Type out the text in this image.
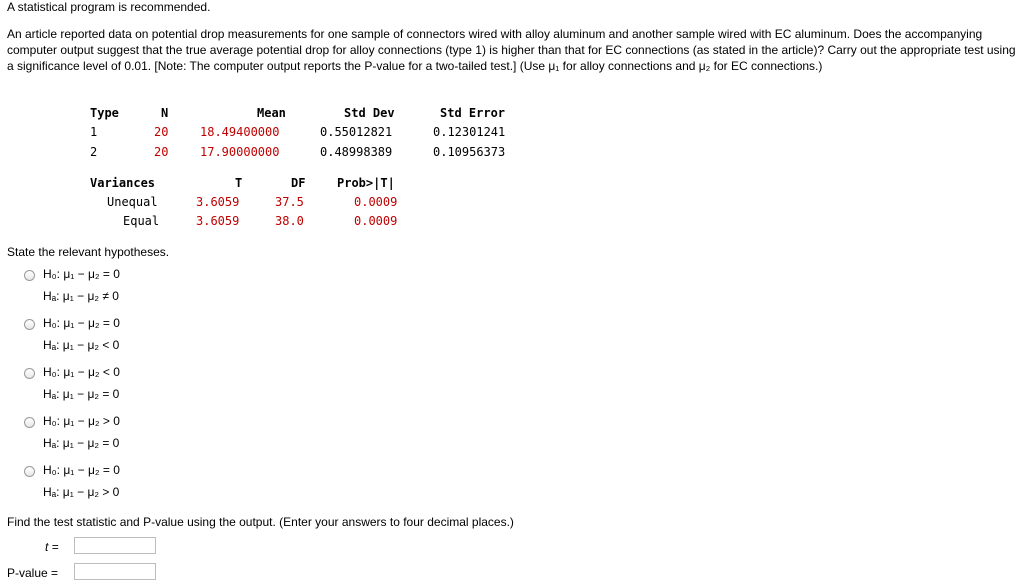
A statistical program is recommended.
An article reported data on potential drop measurements for one sample of connectors wired with alloy aluminum and another sample wired with EC aluminum. Does the accompanying computer output suggest that the true average potential drop for alloy connections (type 1) is higher than that for EC connections (as stated in the article)? Carry out the appropriate test using a significance level of 0.01. [Note: The computer output reports the P-value for a two-tailed test.] (Use μ₁ for alloy connections and μ₂ for EC connections.)
Type	N	Mean	Std Dev	Std Error
1	20	18.49400000	0.55012821	0.12301241
2	20	17.90000000	0.48998389	0.10956373
Variances	T	DF	Prob>|T|
Unequal	3.6059	37.5	0.0009
Equal	3.6059	38.0	0.0009
State the relevant hypotheses.
H₀: μ₁ − μ₂ = 0
Hₐ: μ₁ − μ₂ ≠ 0
H₀: μ₁ − μ₂ = 0
Hₐ: μ₁ − μ₂ < 0
H₀: μ₁ − μ₂ < 0
Hₐ: μ₁ − μ₂ = 0
H₀: μ₁ − μ₂ > 0
Hₐ: μ₁ − μ₂ = 0
H₀: μ₁ − μ₂ = 0
Hₐ: μ₁ − μ₂ > 0
Find the test statistic and P-value using the output. (Enter your answers to four decimal places.)
t =
P-value =
